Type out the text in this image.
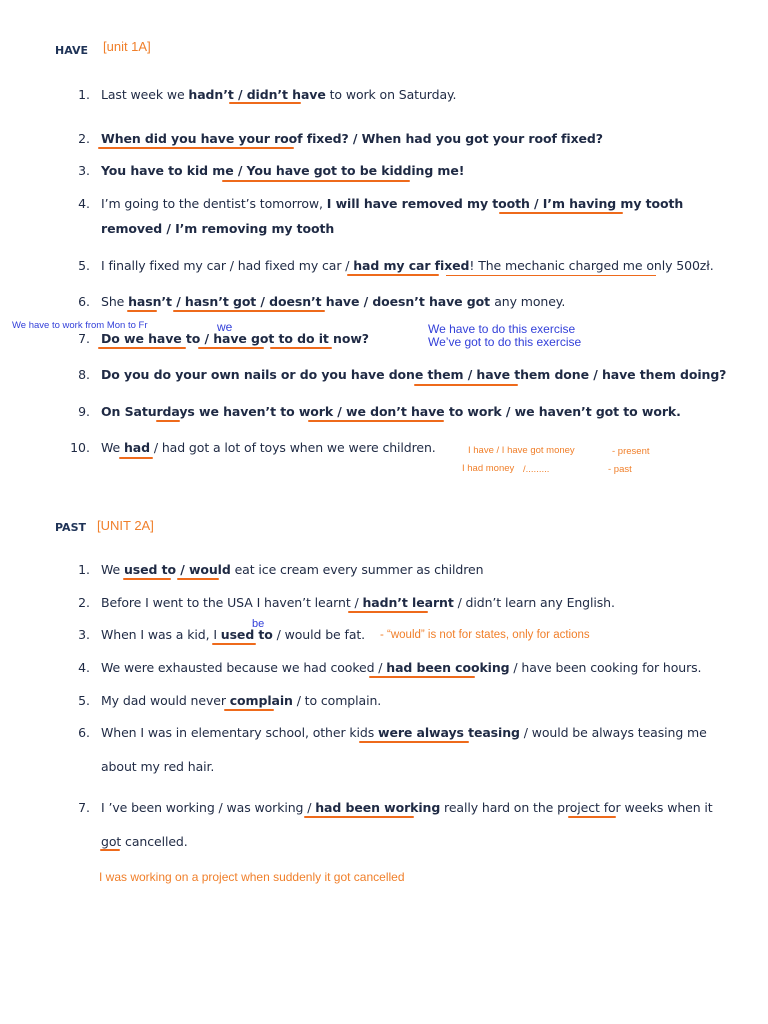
HAVE [unit 1A]
1. Last week we hadn’t / didn’t have to work on Saturday.
2. When did you have your roof fixed? / When had you got your roof fixed?
3. You have to kid me / You have got to be kidding me!
4. I’m going to the dentist’s tomorrow, I will have removed my tooth / I’m having my tooth
removed / I’m removing my tooth
5. I finally fixed my car / had fixed my car / had my car fixed! The mechanic charged me only 500zł.
6. She hasn’t / hasn’t got / doesn’t have / doesn’t have got any money.
We have to work from Mon to Fr	we	We have to do this exercise
We’ve got to do this exercise
7. Do we have to / have got to do it now?
8. Do you do your own nails or do you have done them / have them done / have them doing?
9. On Saturdays we haven’t to work / we don’t have to work / we haven’t got to work.
10. We had / had got a lot of toys when we were children.	I have / I have got money	- present
I had money /.........	- past
PAST [UNIT 2A]
1. We used to / would eat ice cream every summer as children
2. Before I went to the USA I haven’t learnt / hadn’t learnt / didn’t learn any English.
be
3. When I was a kid, I used to / would be fat. - “would” is not for states, only for actions
4. We were exhausted because we had cooked / had been cooking / have been cooking for hours.
5. My dad would never complain / to complain.
6. When I was in elementary school, other kids were always teasing / would be always teasing me
about my red hair.
7. I ’ve been working / was working / had been working really hard on the project for weeks when it
got cancelled.
I was working on a project when suddenly it got cancelled
